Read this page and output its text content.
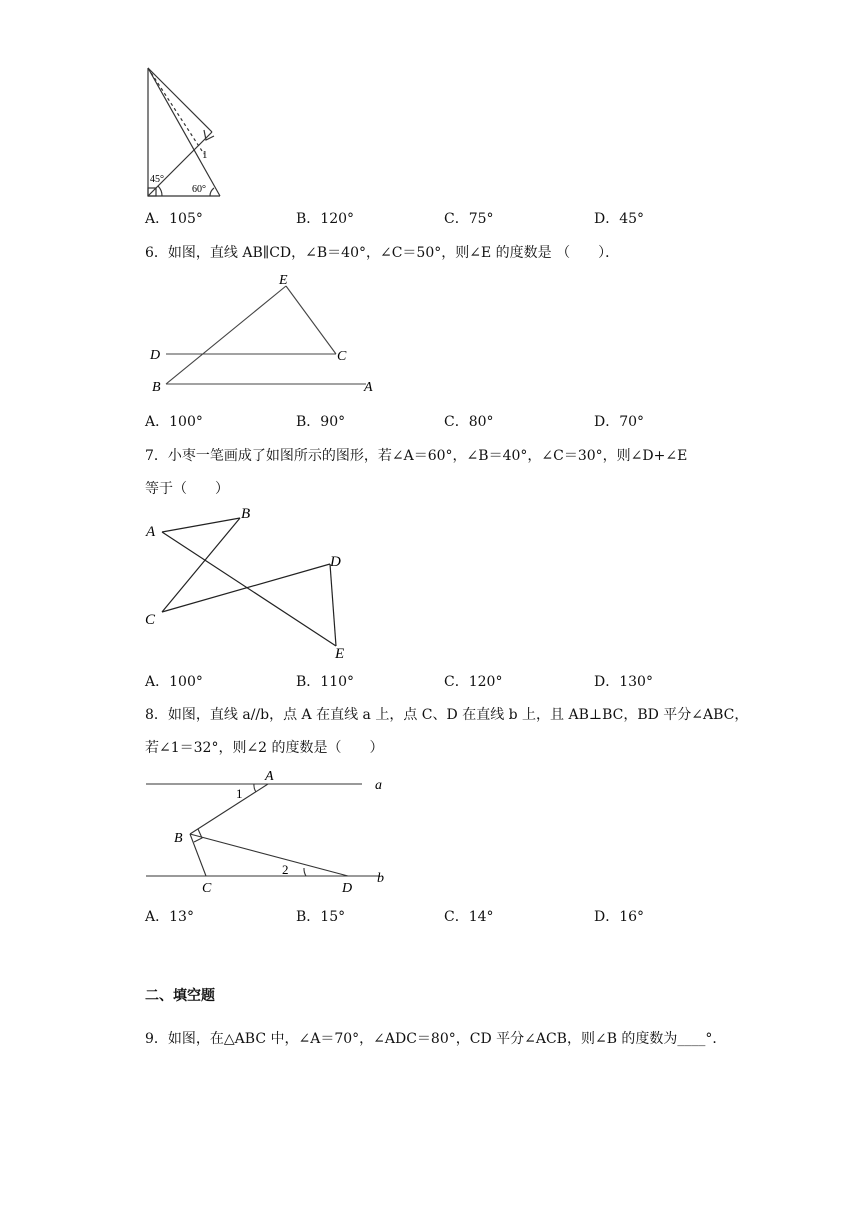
1
45°
60°
A．105°	B．120°	C．75°	D．45°
6．如图，直线 AB∥CD，∠B＝40°，∠C＝50°，则∠E 的度数是 （　　）．
E
D	C
B	A
A．100°	B．90°	C．80°	D．70°
7．小枣一笔画成了如图所示的图形，若∠A＝60°，∠B＝40°，∠C＝30°，则∠D+∠E
等于（　　）
A
B
C
D
E
A．100°	B．110°	C．120°	D．130°
8．如图，直线 a//b，点 A 在直线 a 上，点 C、D 在直线 b 上，且 AB⊥BC，BD 平分∠ABC，
若∠1＝32°，则∠2 的度数是（　　）
A
a
1
B
2
C	D
b
A．13°	B．15°	C．14°	D．16°
二、填空题
9．如图，在△ABC 中，∠A＝70°，∠ADC＝80°，CD 平分∠ACB，则∠B 的度数为____°．
